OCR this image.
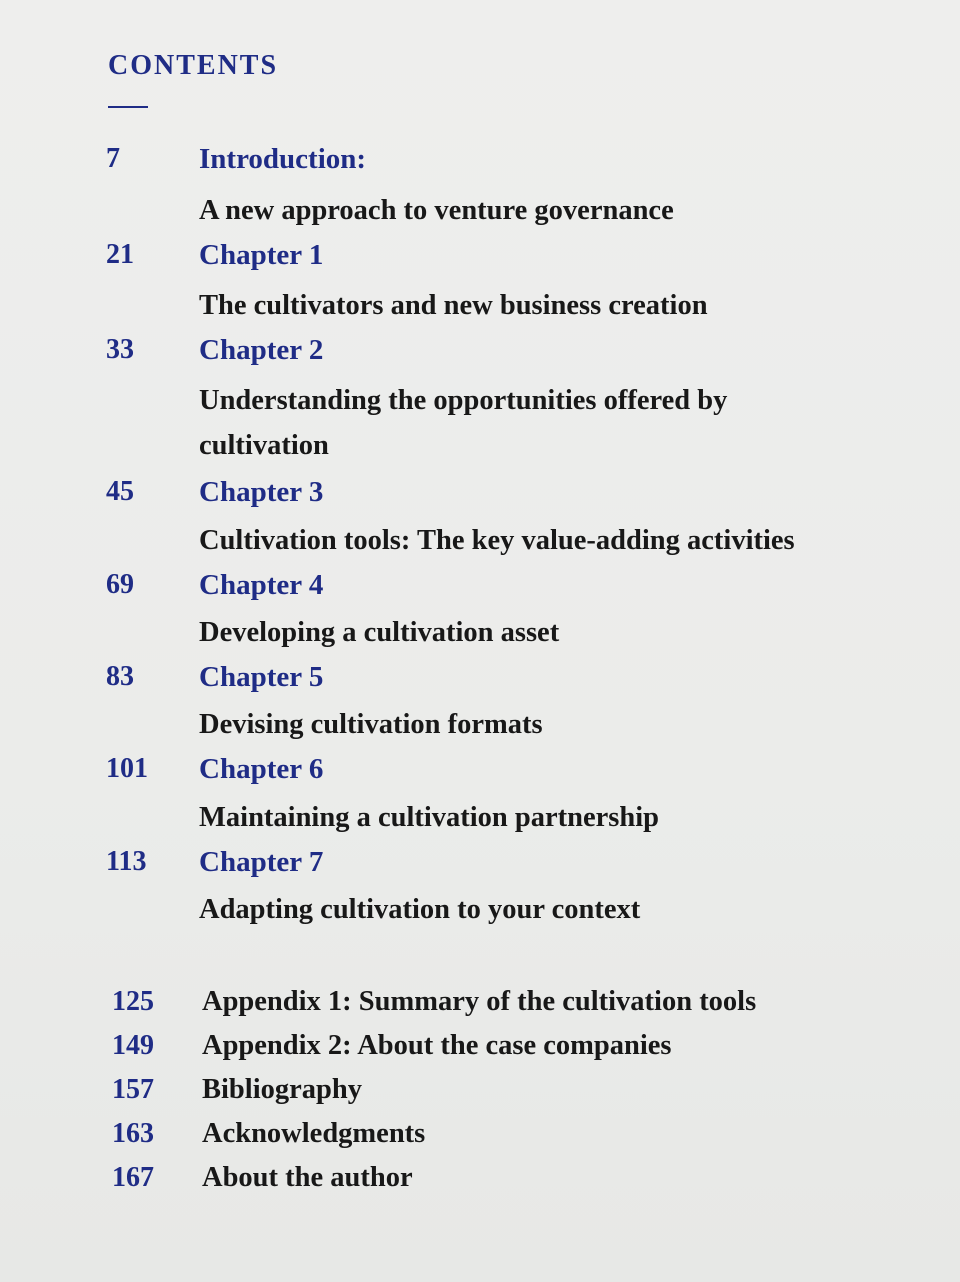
CONTENTS
7	Introduction:
A new approach to venture governance
21 Chapter 1
The cultivators and new business creation
33 Chapter 2
Understanding the opportunities offered by
cultivation
45 Chapter 3
Cultivation tools: The key value-adding activities
69 Chapter 4
Developing a cultivation asset
83 Chapter 5
Devising cultivation formats
101 Chapter 6
Maintaining a cultivation partnership
113 Chapter 7
Adapting cultivation to your context
125 Appendix 1: Summary of the cultivation tools
149 Appendix 2: About the case companies
157 Bibliography
163 Acknowledgments
167 About the author
